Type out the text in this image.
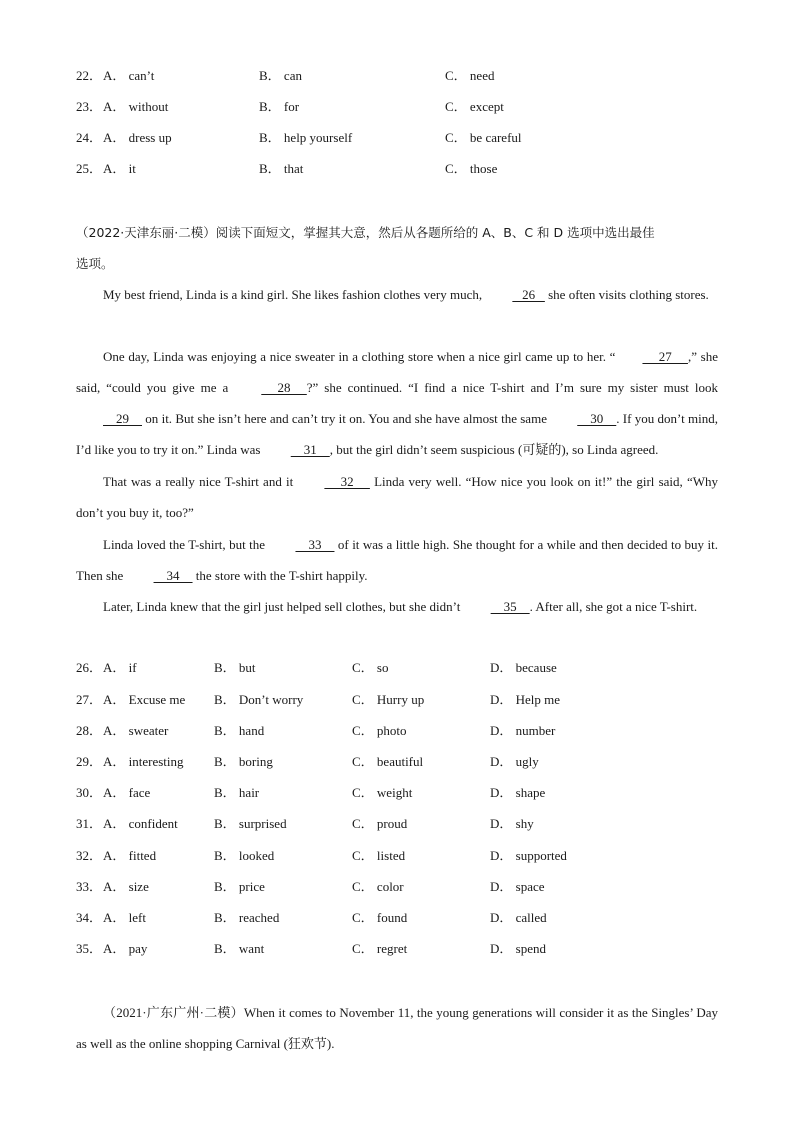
22． A． can’t	B． can	C． need
23． A． without	B． for	C． except
24． A． dress up	B． help yourself	C． be careful
25． A． it	B． that	C． those
（2022·天津东丽·二模）阅读下面短文，掌握其大意，然后从各题所给的 A、B、C 和 D 选项中选出最佳
选项。
My best friend, Linda is a kind girl. She likes fashion clothes very much,    26    she often visits clothing stores.
One day, Linda was enjoying a nice sweater in a clothing store when a nice girl came up to her. “     27     ,” she said, “could you give me a      28     ?” she continued. “I find a nice T-shirt and I’m sure my sister must look     29     on it. But she isn’t here and can’t try it on. You and she have almost the same     30    . If you don’t mind, I’d like you to try it on.” Linda was     31    , but the girl didn’t seem suspicious (可疑的), so Linda agreed.
That was a really nice T-shirt and it      32      Linda very well. “How nice you look on it!” the girl said, “Why don’t you buy it, too?”
Linda loved the T-shirt, but the     33     of it was a little high. She thought for a while and then decided to buy it. Then she     34     the store with the T-shirt happily.
Later, Linda knew that the girl just helped sell clothes, but she didn’t     35    . After all, she got a nice T-shirt.
26． A． if	B． but	C． so	D． because
27． A． Excuse me B． Don’t worry	C． Hurry up	D． Help me
28． A． sweater	B． hand	C． photo	D． number
29． A． interesting B． boring	C． beautiful	D． ugly
30． A． face	B． hair	C． weight	D． shape
31． A． confident	B． surprised	C． proud	D． shy
32． A． fitted	B． looked	C． listed	D． supported
33． A． size	B． price	C． color	D． space
34． A． left	B． reached	C． found	D． called
35． A． pay	B． want	C． regret	D． spend
（2021·广东广州·二模）When it comes to November 11, the young generations will consider it as the Singles’ Day as well as the online shopping Carnival (狂欢节).
